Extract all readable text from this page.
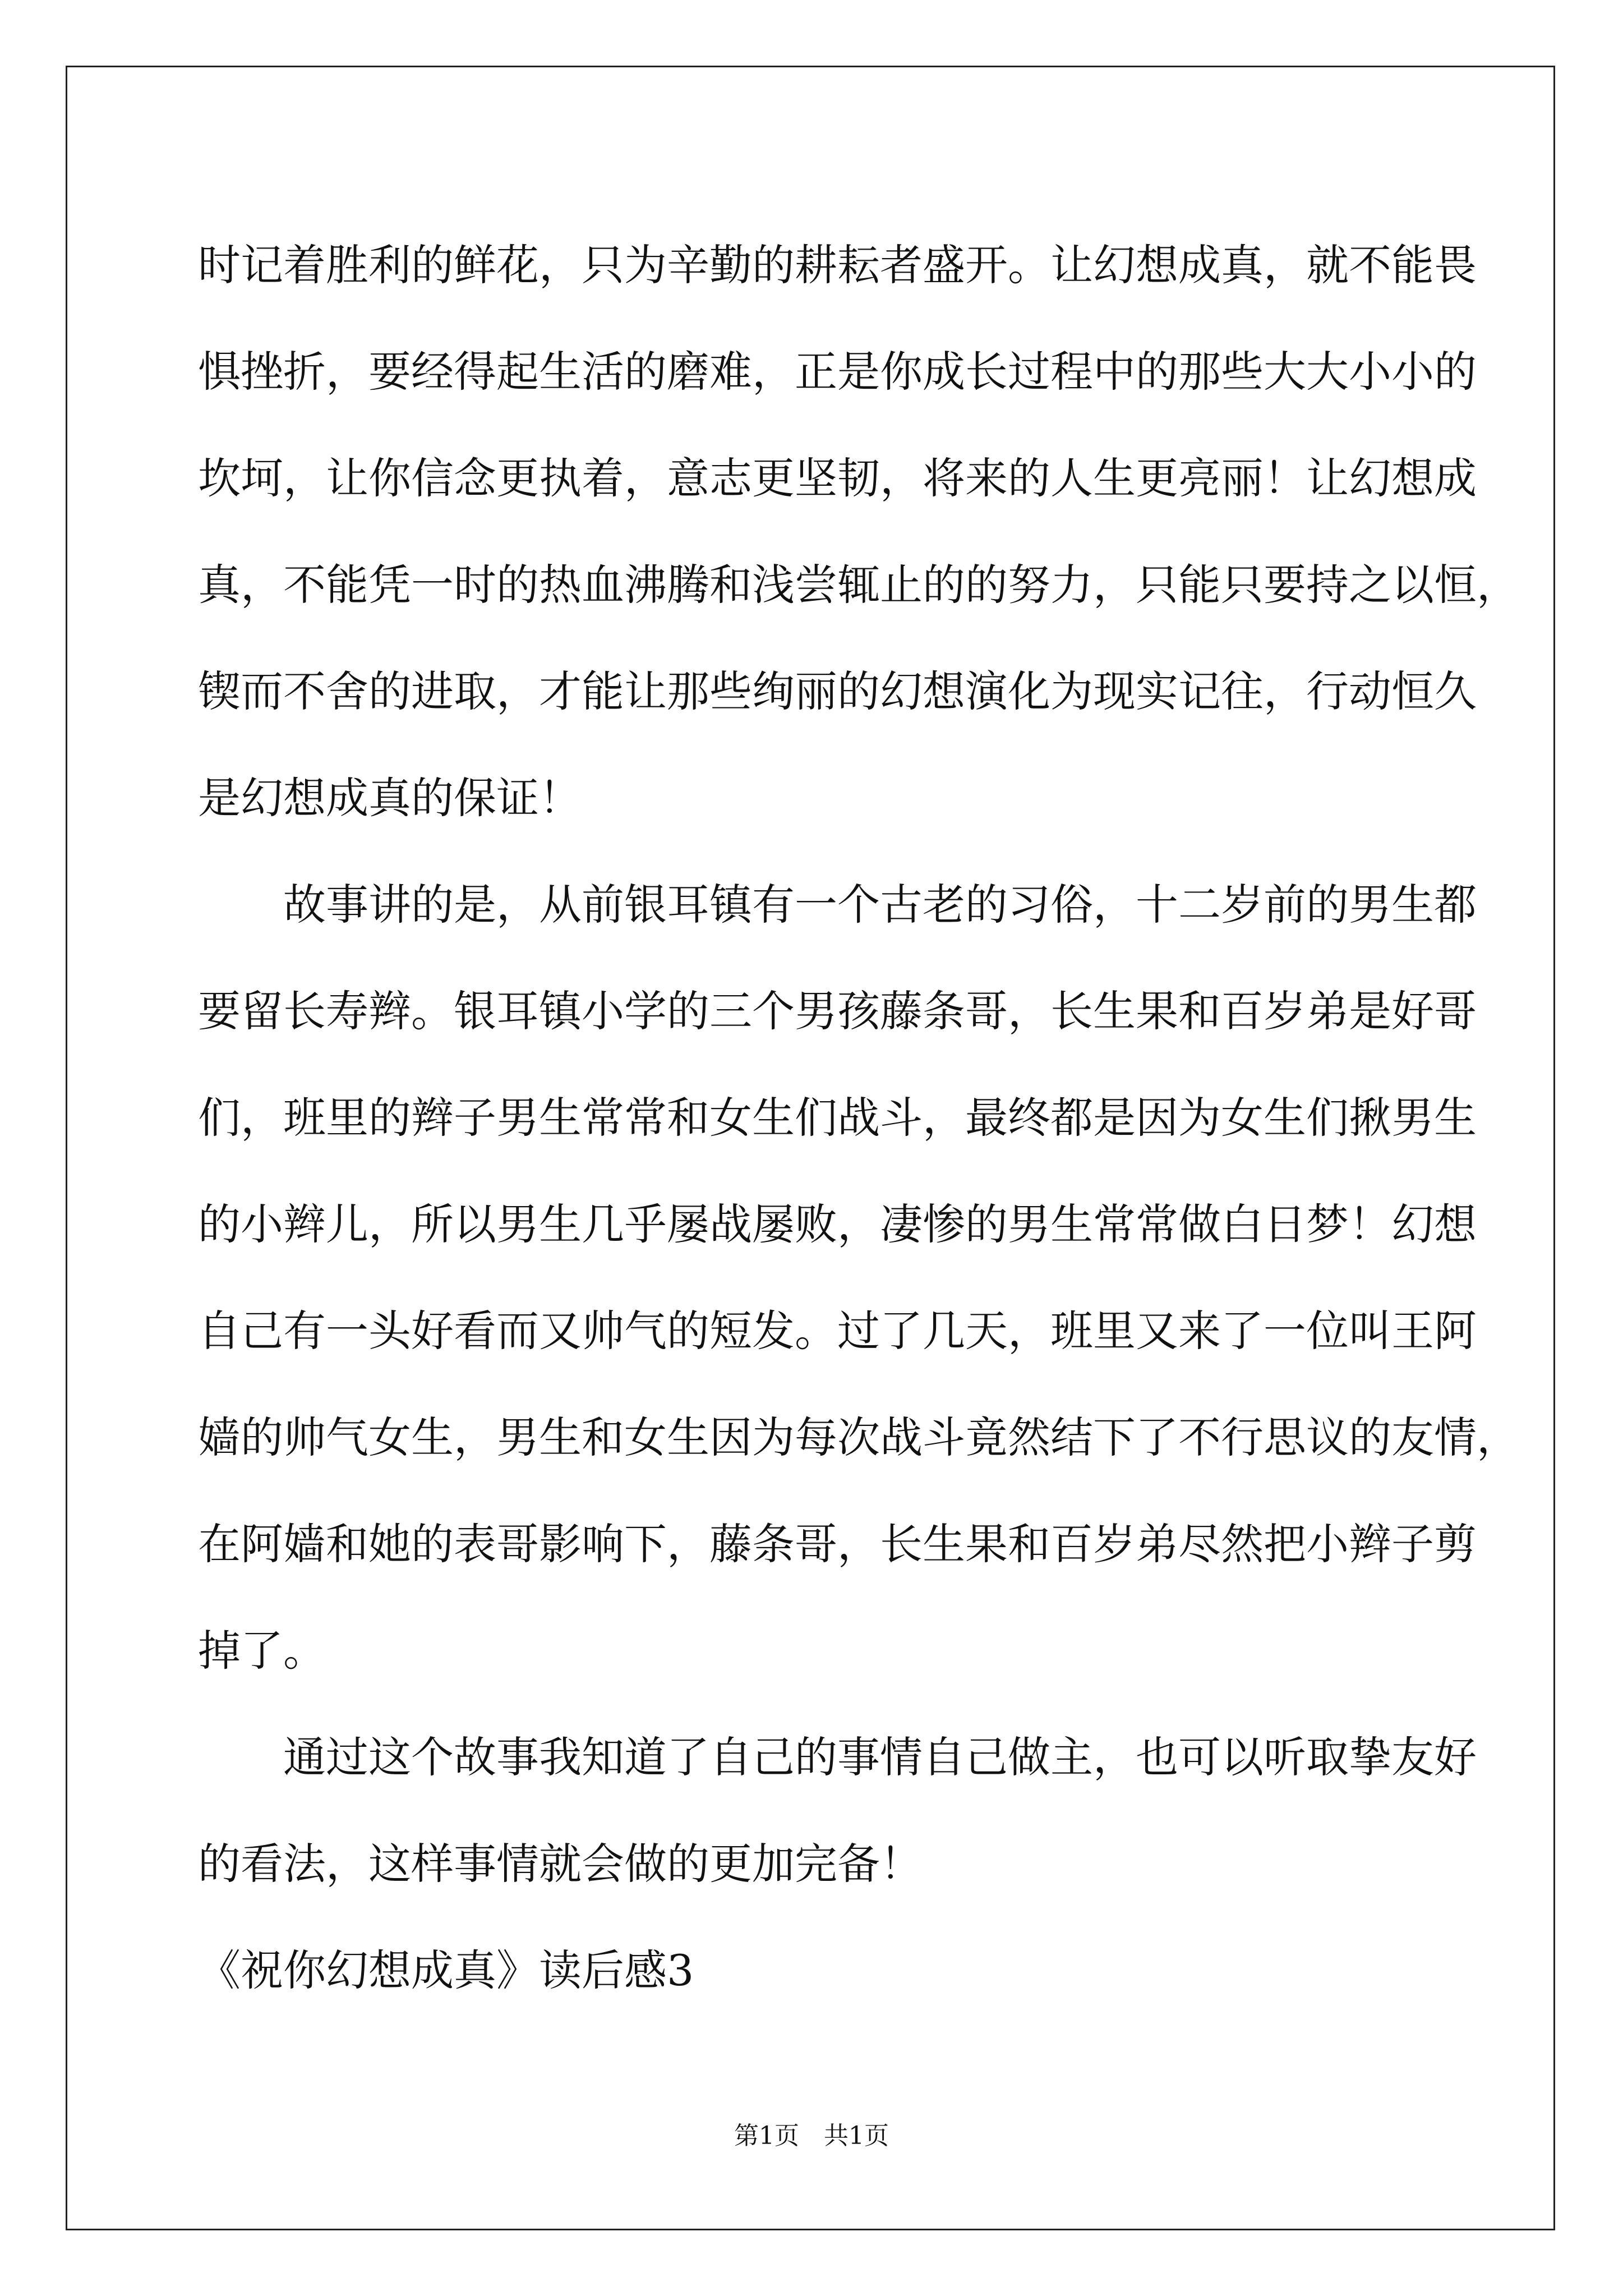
时记着胜利的鲜花，只为辛勤的耕耘者盛开。让幻想成真，就不能畏
惧挫折，要经得起生活的磨难，正是你成长过程中的那些大大小小的
坎坷，让你信念更执着，意志更坚韧，将来的人生更亮丽！让幻想成
真，不能凭一时的热血沸腾和浅尝辄止的的努力，只能只要持之以恒，
锲而不舍的进取，才能让那些绚丽的幻想演化为现实记往，行动恒久
是幻想成真的保证！
故事讲的是，从前银耳镇有一个古老的习俗，十二岁前的男生都
要留长寿辫。银耳镇小学的三个男孩藤条哥，长生果和百岁弟是好哥
们，班里的辫子男生常常和女生们战斗，最终都是因为女生们揪男生
的小辫儿，所以男生几乎屡战屡败，凄惨的男生常常做白日梦！幻想
自己有一头好看而又帅气的短发。过了几天，班里又来了一位叫王阿
嫱的帅气女生，男生和女生因为每次战斗竟然结下了不行思议的友情，
在阿嫱和她的表哥影响下，藤条哥，长生果和百岁弟尽然把小辫子剪
掉了。
通过这个故事我知道了自己的事情自己做主，也可以听取挚友好
的看法，这样事情就会做的更加完备！
《祝你幻想成真》读后感3
第1页　共1页
